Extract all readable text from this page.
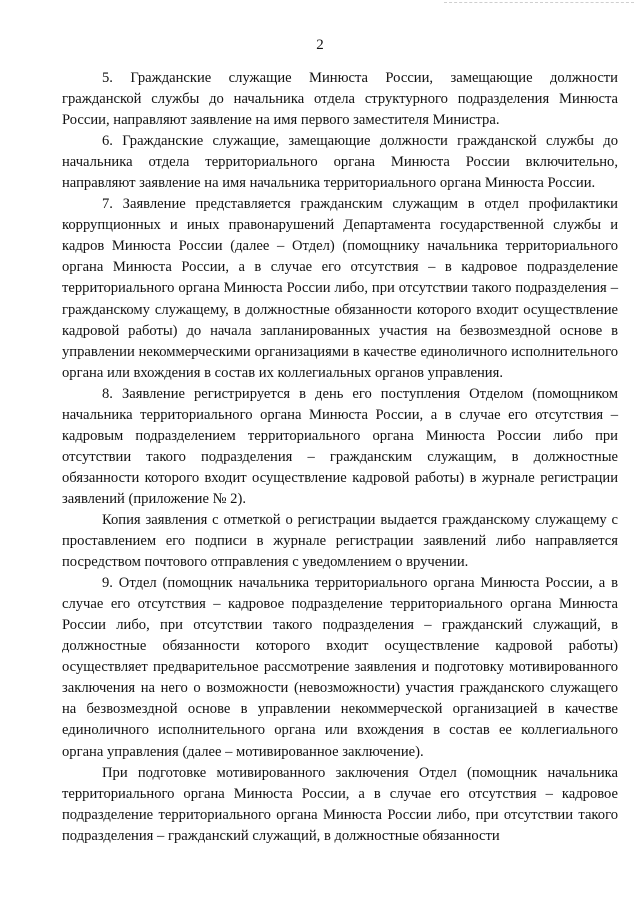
2

5. Гражданские служащие Минюста России, замещающие должности гражданской службы до начальника отдела структурного подразделения Минюста России, направляют заявление на имя первого заместителя Министра.

6. Гражданские служащие, замещающие должности гражданской службы до начальника отдела территориального органа Минюста России включительно, направляют заявление на имя начальника территориального органа Минюста России.

7. Заявление представляется гражданским служащим в отдел профилактики коррупционных и иных правонарушений Департамента государственной службы и кадров Минюста России (далее – Отдел) (помощнику начальника территориального органа Минюста России, а в случае его отсутствия – в кадровое подразделение территориального органа Минюста России либо, при отсутствии такого подразделения – гражданскому служащему, в должностные обязанности которого входит осуществление кадровой работы) до начала запланированных участия на безвозмездной основе в управлении некоммерческими организациями в качестве единоличного исполнительного органа или вхождения в состав их коллегиальных органов управления.

8. Заявление регистрируется в день его поступления Отделом (помощником начальника территориального органа Минюста России, а в случае его отсутствия – кадровым подразделением территориального органа Минюста России либо при отсутствии такого подразделения – гражданским служащим, в должностные обязанности которого входит осуществление кадровой работы) в журнале регистрации заявлений (приложение № 2).

Копия заявления с отметкой о регистрации выдается гражданскому служащему с проставлением его подписи в журнале регистрации заявлений либо направляется посредством почтового отправления с уведомлением о вручении.

9. Отдел (помощник начальника территориального органа Минюста России, а в случае его отсутствия – кадровое подразделение территориального органа Минюста России либо, при отсутствии такого подразделения – гражданский служащий, в должностные обязанности которого входит осуществление кадровой работы) осуществляет предварительное рассмотрение заявления и подготовку мотивированного заключения на него о возможности (невозможности) участия гражданского служащего на безвозмездной основе в управлении некоммерческой организацией в качестве единоличного исполнительного органа или вхождения в состав ее коллегиального органа управления (далее – мотивированное заключение).

При подготовке мотивированного заключения Отдел (помощник начальника территориального органа Минюста России, а в случае его отсутствия – кадровое подразделение территориального органа Минюста России либо, при отсутствии такого подразделения – гражданский служащий, в должностные обязанности
